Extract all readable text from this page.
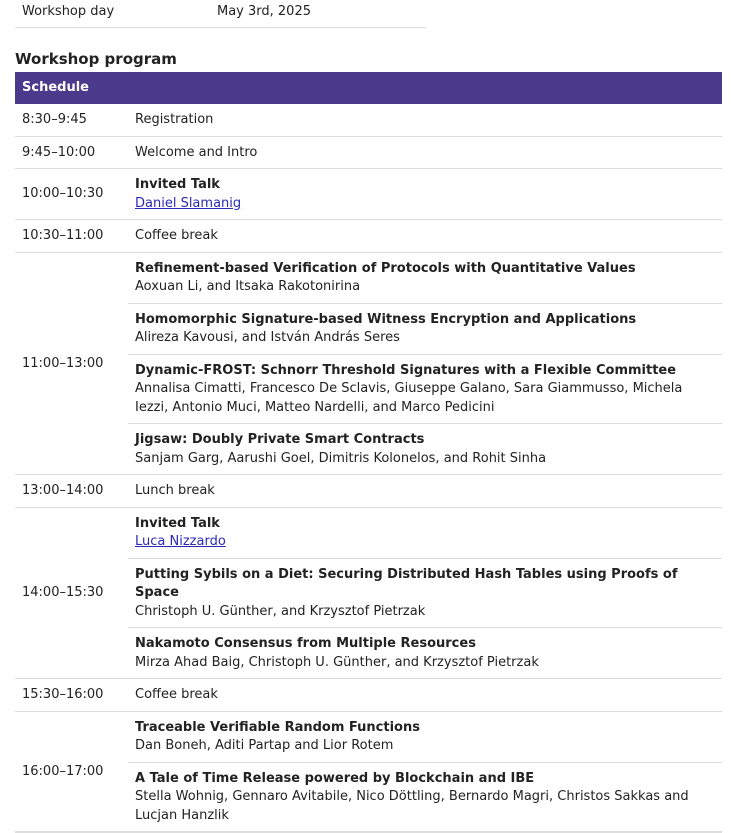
Workshop day	May 3rd, 2025
Workshop program
Schedule	
8:30–9:45	Registration
9:45–10:00	Welcome and Intro
10:00–10:30	Invited Talk
Daniel Slamanig
10:30–11:00	Coffee break
11:00–13:00	Refinement-based Verification of Protocols with Quantitative Values
Aoxuan Li, and Itsaka Rakotonirina

	Homomorphic Signature-based Witness Encryption and Applications
Alireza Kavousi, and István András Seres

	Dynamic-FROST: Schnorr Threshold Signatures with a Flexible Committee
Annalisa Cimatti, Francesco De Sclavis, Giuseppe Galano, Sara Giammusso, Michela Iezzi, Antonio Muci, Matteo Nardelli, and Marco Pedicini

	Jigsaw: Doubly Private Smart Contracts
Sanjam Garg, Aarushi Goel, Dimitris Kolonelos, and Rohit Sinha

13:00–14:00	Lunch break
14:00–15:30	Invited Talk
Luca Nizzardo

	Putting Sybils on a Diet: Securing Distributed Hash Tables using Proofs of Space
Christoph U. Günther, and Krzysztof Pietrzak

	Nakamoto Consensus from Multiple Resources
Mirza Ahad Baig, Christoph U. Günther, and Krzysztof Pietrzak

15:30–16:00	Coffee break
16:00–17:00	Traceable Verifiable Random Functions
Dan Boneh, Aditi Partap and Lior Rotem

	A Tale of Time Release powered by Blockchain and IBE
Stella Wohnig, Gennaro Avitabile, Nico Döttling, Bernardo Magri, Christos Sakkas and Lucjan Hanzlik
